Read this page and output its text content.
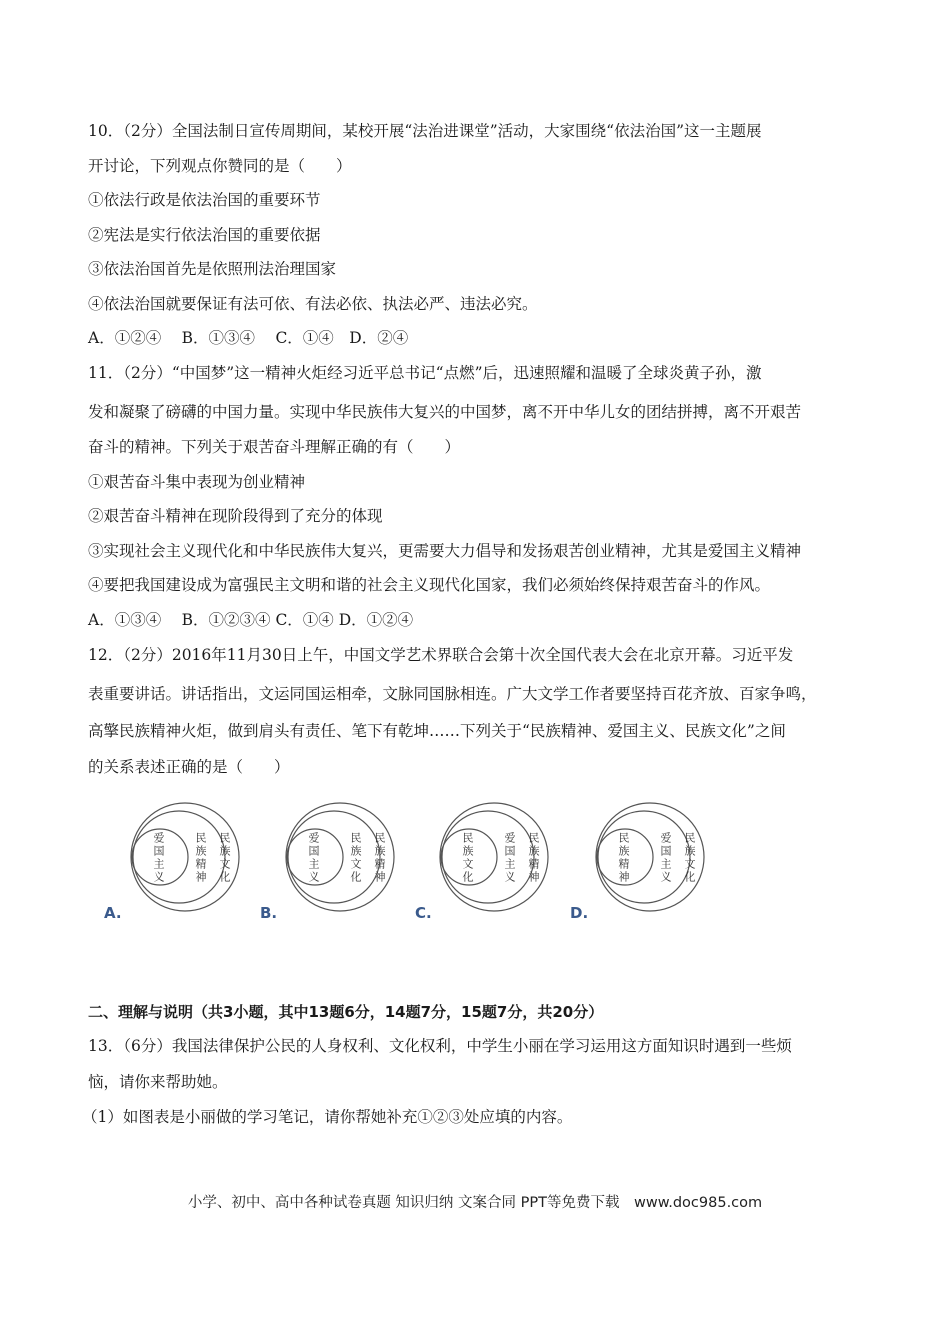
10．（2分）全国法制日宣传周期间，某校开展“法治进课堂”活动，大家围绕“依法治国”这一主题展
开讨论，下列观点你赞同的是（　　）
①依法行政是依法治国的重要环节
②宪法是实行依法治国的重要依据
③依法治国首先是依照刑法治理国家
④依法治国就要保证有法可依、有法必依、执法必严、违法必究。
A．①②④　 B．①③④　 C．①④　D．②④
11．（2分）“中国梦”这一精神火炬经习近平总书记“点燃”后，迅速照耀和温暖了全球炎黄子孙，激
发和凝聚了磅礴的中国力量。实现中华民族伟大复兴的中国梦，离不开中华儿女的团结拼搏，离不开艰苦
奋斗的精神。下列关于艰苦奋斗理解正确的有（　　）
①艰苦奋斗集中表现为创业精神
②艰苦奋斗精神在现阶段得到了充分的体现
③实现社会主义现代化和中华民族伟大复兴，更需要大力倡导和发扬艰苦创业精神，尤其是爱国主义精神
④要把我国建设成为富强民主文明和谐的社会主义现代化国家，我们必须始终保持艰苦奋斗的作风。
A．①③④　 B．①②③④ C．①④ D．①②④
12．（2分）2016年11月30日上午，中国文学艺术界联合会第十次全国代表大会在北京开幕。习近平发
表重要讲话。讲话指出，文运同国运相牵，文脉同国脉相连。广大文学工作者要坚持百花齐放、百家争鸣，
高擎民族精神火炬，做到肩头有责任、笔下有乾坤……下列关于“民族精神、爱国主义、民族文化”之间
的关系表述正确的是（　　）
爱国主义
民族精神
民族文化
A.
爱国主义
民族文化
民族精神
B.
民族文化
爱国主义
民族精神
C.
民族精神
爱国主义
民族文化
D.
二、理解与说明（共3小题，其中13题6分，14题7分，15题7分，共20分）
13．（6分）我国法律保护公民的人身权利、文化权利，中学生小丽在学习运用这方面知识时遇到一些烦
恼，请你来帮助她。
（1）如图表是小丽做的学习笔记，请你帮她补充①②③处应填的内容。
小学、初中、高中各种试卷真题 知识归纳 文案合同 PPT等免费下载　www.doc985.com
